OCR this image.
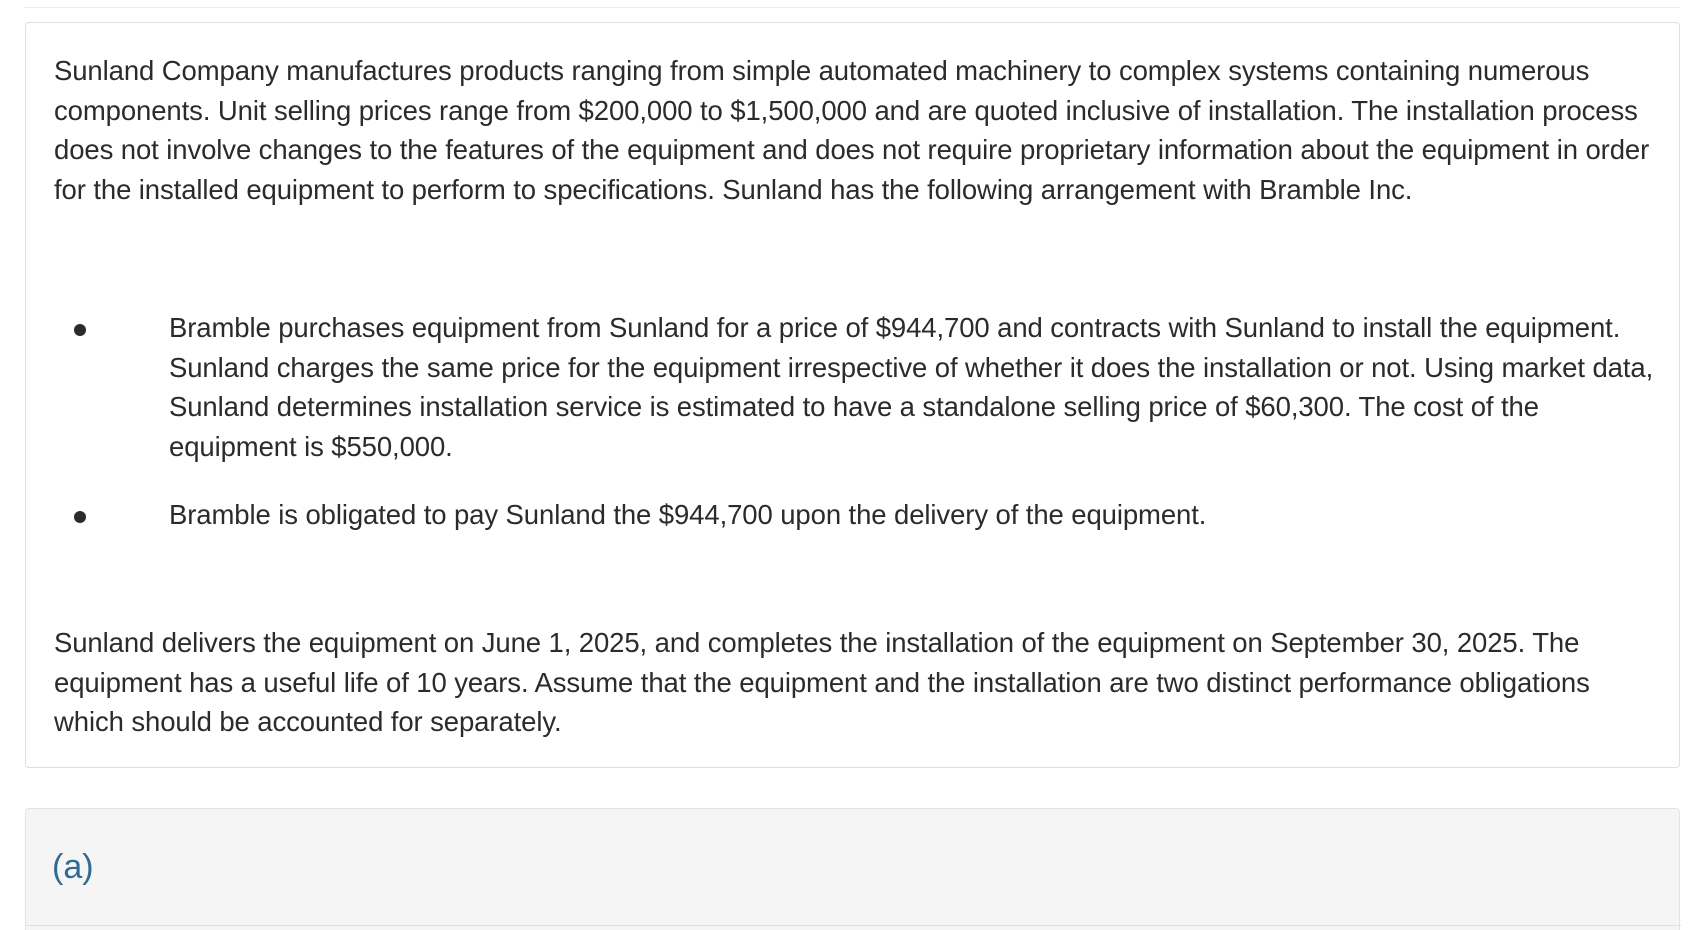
Sunland Company manufactures products ranging from simple automated machinery to complex systems containing numerous components. Unit selling prices range from $200,000 to $1,500,000 and are quoted inclusive of installation. The installation process does not involve changes to the features of the equipment and does not require proprietary information about the equipment in order for the installed equipment to perform to specifications. Sunland has the following arrangement with Bramble Inc.

Bramble purchases equipment from Sunland for a price of $944,700 and contracts with Sunland to install the equipment. Sunland charges the same price for the equipment irrespective of whether it does the installation or not. Using market data, Sunland determines installation service is estimated to have a standalone selling price of $60,300. The cost of the equipment is $550,000.
Bramble is obligated to pay Sunland the $944,700 upon the delivery of the equipment.

Sunland delivers the equipment on June 1, 2025, and completes the installation of the equipment on September 30, 2025. The equipment has a useful life of 10 years. Assume that the equipment and the installation are two distinct performance obligations which should be accounted for separately.

(a)
